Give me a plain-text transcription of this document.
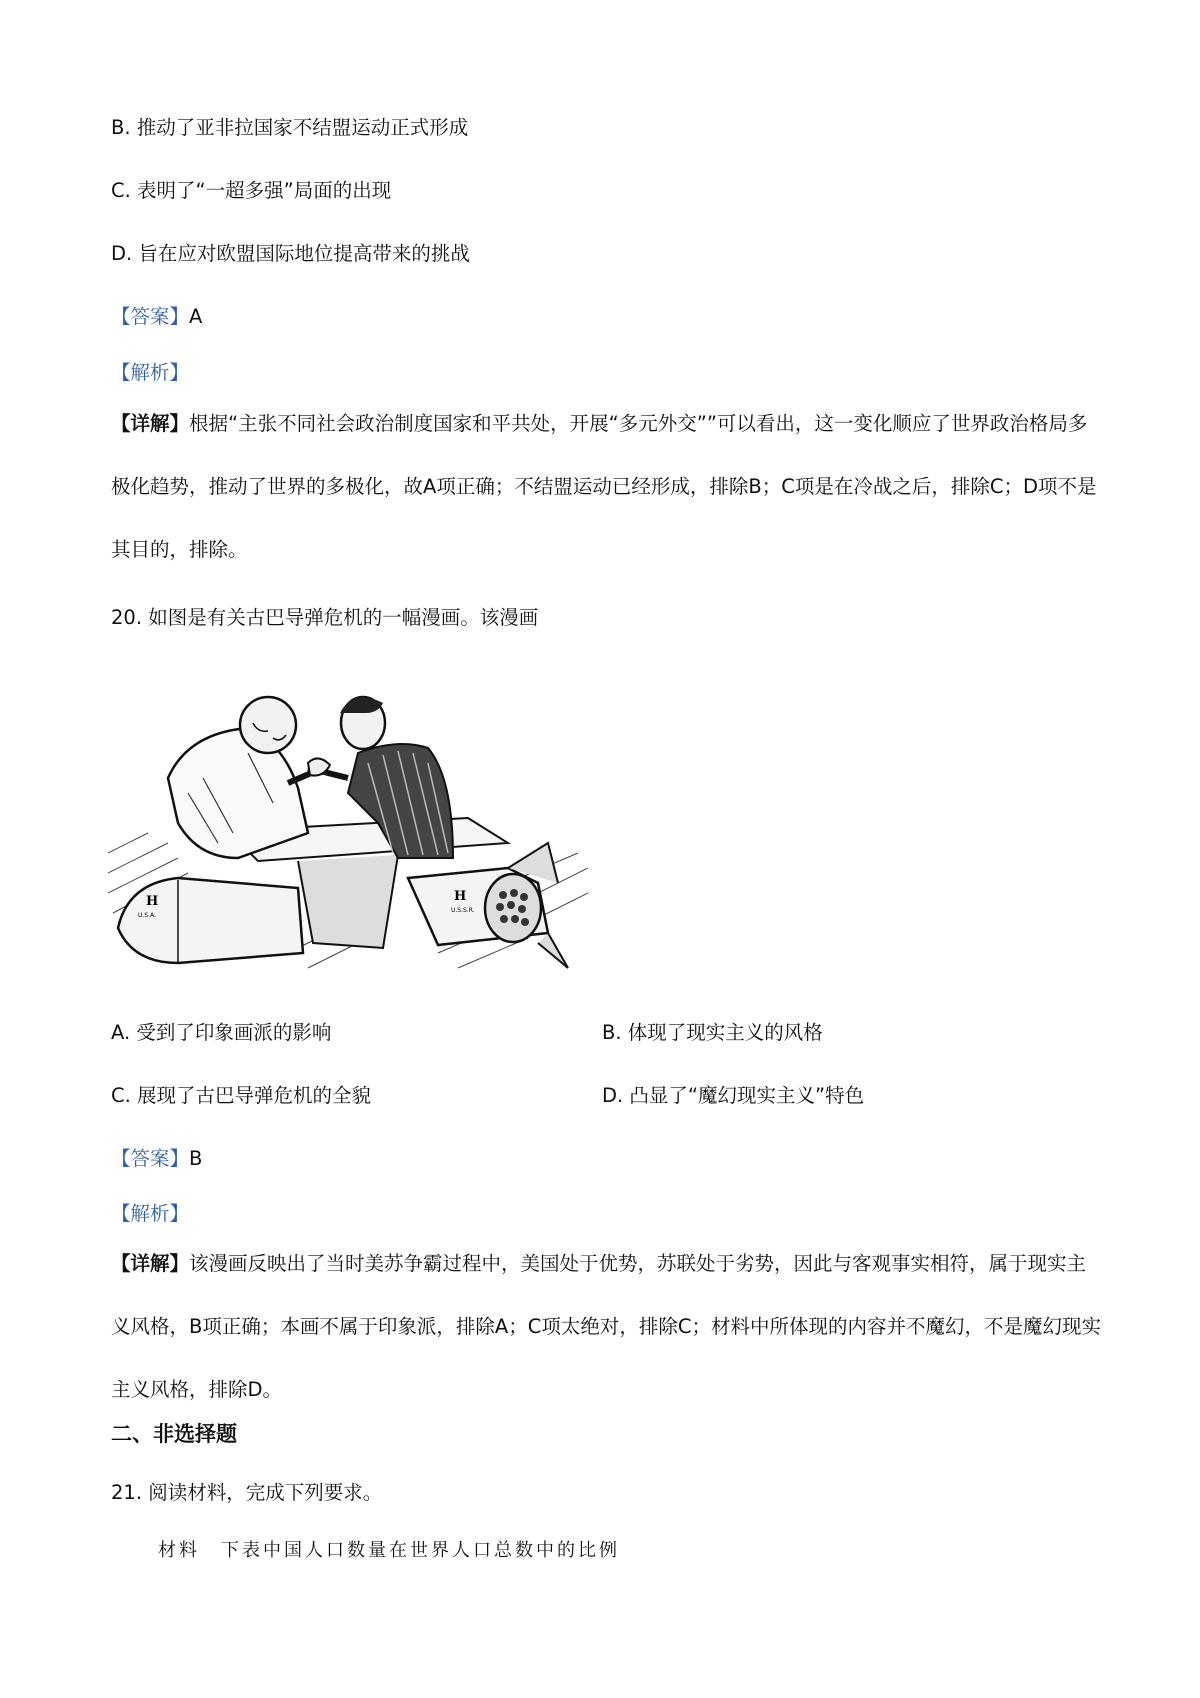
B. 推动了亚非拉国家不结盟运动正式形成
C. 表明了“一超多强”局面的出现
D. 旨在应对欧盟国际地位提高带来的挑战
【答案】A
【解析】
【详解】根据“主张不同社会政治制度国家和平共处，开展“多元外交””可以看出，这一变化顺应了世界政治格局多极化趋势，推动了世界的多极化，故A项正确；不结盟运动已经形成，排除B；C项是在冷战之后，排除C；D项不是其目的，排除。
20. 如图是有关古巴导弹危机的一幅漫画。该漫画
H
U.S.A.
H
U.S.S.R.
A. 受到了印象画派的影响	B. 体现了现实主义的风格
C. 展现了古巴导弹危机的全貌	D. 凸显了“魔幻现实主义”特色
【答案】B
【解析】
【详解】该漫画反映出了当时美苏争霸过程中，美国处于优势，苏联处于劣势，因此与客观事实相符，属于现实主义风格，B项正确；本画不属于印象派，排除A；C项太绝对，排除C；材料中所体现的内容并不魔幻，不是魔幻现实主义风格，排除D。
二、非选择题
21. 阅读材料，完成下列要求。
材料　下表中国人口数量在世界人口总数中的比例
